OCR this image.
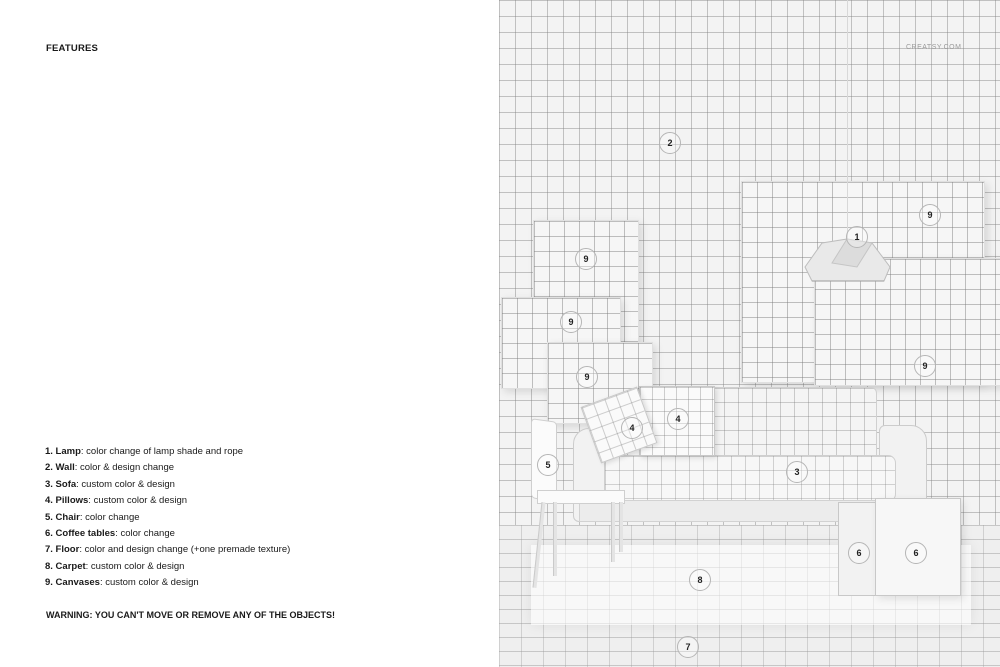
FEATURES
1. Lamp: color change of lamp shade and rope
2. Wall: color & design change
3. Sofa: custom color & design
4. Pillows: custom color & design
5. Chair: color change
6. Coffee tables: color change
7. Floor: color and design change (+one premade texture)
8. Carpet: custom color & design
9. Canvases: custom color & design
WARNING: YOU CAN'T MOVE OR REMOVE ANY OF THE OBJECTS!
CREATSY.COM
2
9
1
9
9
9
9
4
4
5
3
6	6
8
7
